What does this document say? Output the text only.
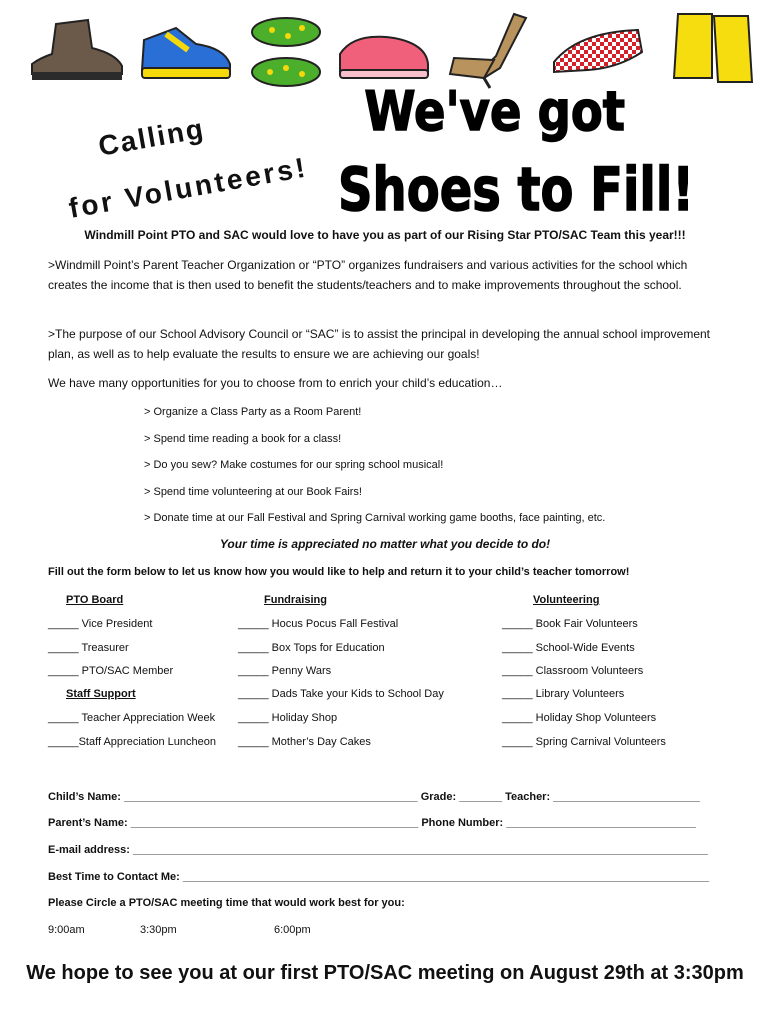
Calling
for Volunteers!
We've got
Shoes to Fill!
Windmill Point PTO and SAC would love to have you as part of our Rising Star PTO/SAC Team this year!!!

>Windmill Point’s Parent Teacher Organization or “PTO” organizes fundraisers and various activities for the school which creates the income that is then used to benefit the students/teachers and to make improvements throughout the school.

>The purpose of our School Advisory Council or “SAC” is to assist the principal in developing the annual school improvement plan, as well as to help evaluate the results to ensure we are achieving our goals!

We have many opportunities for you to choose from to enrich your child’s education…

> Organize a Class Party as a Room Parent!
> Spend time reading a book for a class!
> Do you sew? Make costumes for our spring school musical!
> Spend time volunteering at our Book Fairs!
> Donate time at our Fall Festival and Spring Carnival working game booths, face painting, etc.
Your time is appreciated no matter what you decide to do!
Fill out the form below to let us know how you would like to help and return it to your child’s teacher tomorrow!
PTO Board
_____ Vice President
_____ Treasurer
_____ PTO/SAC Member
Staff Support
_____ Teacher Appreciation Week
_____Staff Appreciation Luncheon
Fundraising
_____ Hocus Pocus Fall Festival
_____ Box Tops for Education
_____ Penny Wars
_____ Dads Take your Kids to School Day
_____ Holiday Shop
_____ Mother’s Day Cakes
Volunteering
_____ Book Fair Volunteers
_____ School-Wide Events
_____ Classroom Volunteers
_____ Library Volunteers
_____ Holiday Shop Volunteers
_____ Spring Carnival Volunteers
Child’s Name: ________________________________________________ Grade: _______ Teacher: ________________________
Parent’s Name: _______________________________________________ Phone Number: _______________________________
E-mail address: ______________________________________________________________________________________________
Best Time to Contact Me: ______________________________________________________________________________________
Please Circle a PTO/SAC meeting time that would work best for you:
9:00am	3:30pm	6:00pm
We hope to see you at our first PTO/SAC meeting on August 29th at 3:30pm
